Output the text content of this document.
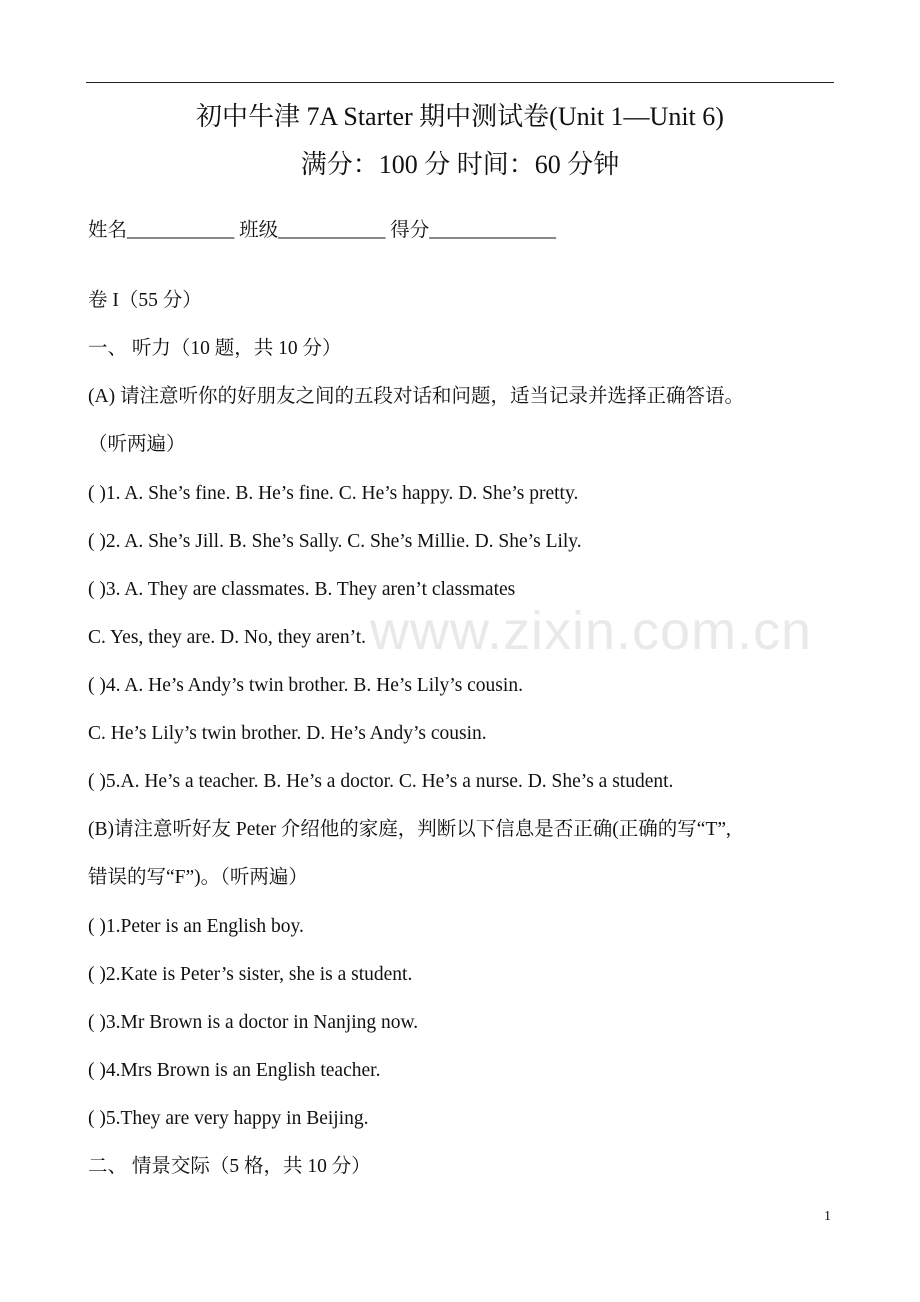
初中牛津 7A Starter 期中测试卷(Unit 1—Unit 6)
满分：100 分 时间：60 分钟
姓名___________ 班级___________ 得分_____________
卷 I（55 分）
一、 听力（10 题，共 10 分）
(A) 请注意听你的好朋友之间的五段对话和问题，适当记录并选择正确答语。
（听两遍）
( )1. A. She’s fine. B. He’s fine. C. He’s happy. D. She’s pretty.
( )2. A. She’s Jill. B. She’s Sally. C. She’s Millie. D. She’s Lily.
( )3. A. They are classmates. B. They aren’t classmates
C. Yes, they are. D. No, they aren’t.
( )4. A. He’s Andy’s twin brother. B. He’s Lily’s cousin.
C. He’s Lily’s twin brother. D. He’s Andy’s cousin.
( )5.A. He’s a teacher. B. He’s a doctor. C. He’s a nurse. D. She’s a student.
(B)请注意听好友 Peter 介绍他的家庭，判断以下信息是否正确(正确的写“T”,
错误的写“F”)。（听两遍）
( )1.Peter is an English boy.
( )2.Kate is Peter’s sister, she is a student.
( )3.Mr Brown is a doctor in Nanjing now.
( )4.Mrs Brown is an English teacher.
( )5.They are very happy in Beijing.
二、 情景交际（5 格，共 10 分）
www.zixin.com.cn
1
